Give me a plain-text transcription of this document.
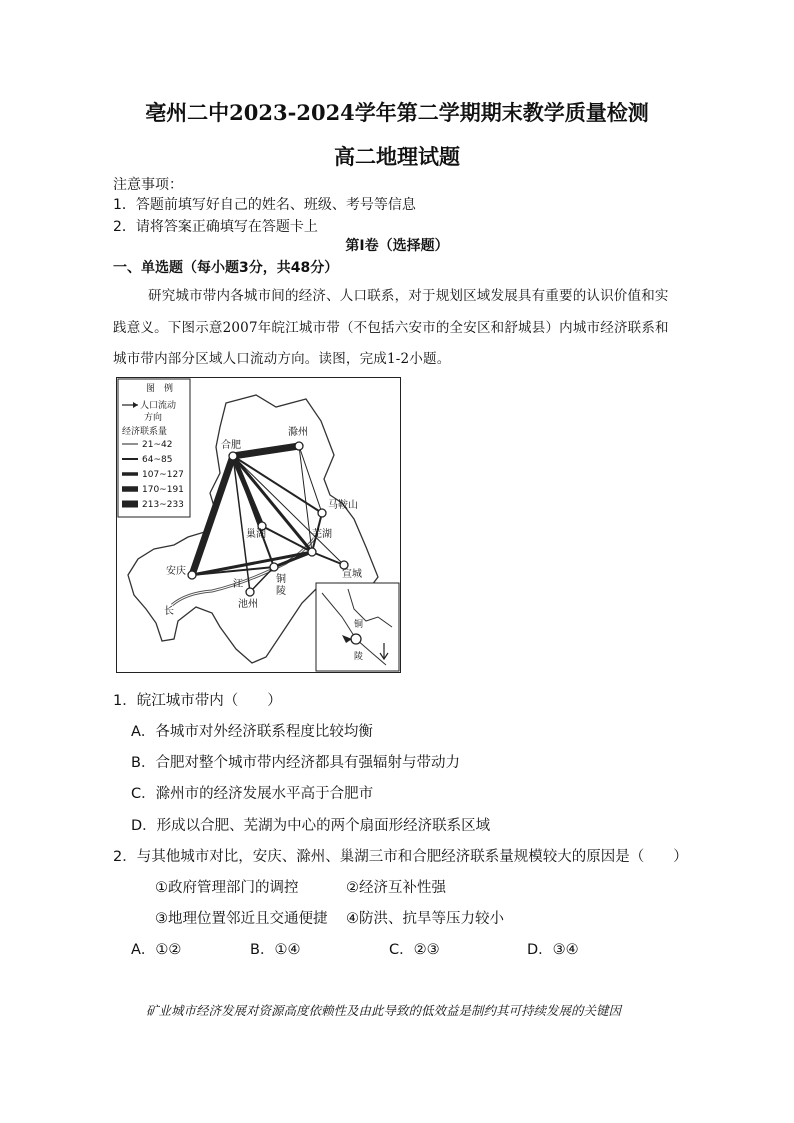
亳州二中2023-2024学年第二学期期末教学质量检测
高二地理试题
注意事项：
1．答题前填写好自己的姓名、班级、考号等信息
2．请将答案正确填写在答题卡上
第Ⅰ卷（选择题）
一、单选题（每小题3分，共48分）
研究城市带内各城市间的经济、人口联系，对于规划区域发展具有重要的认识价值和实
践意义。下图示意2007年皖江城市带（不包括六安市的全安区和舒城县）内城市经济联系和
城市带内部分区域人口流动方向。读图，完成1-2小题。
合肥
滁州
马鞍山
巢湖	芜湖
宣城
安庆
铜
陵
池州
江
长
图　例
人口流动
方向
经济联系量
21~42
64~85
107~127
170~191
213~233
铜
陵
1．皖江城市带内（　　）
A．各城市对外经济联系程度比较均衡
B．合肥对整个城市带内经济都具有强辐射与带动力
C．滁州市的经济发展水平高于合肥市
D．形成以合肥、芜湖为中心的两个扇面形经济联系区域
2．与其他城市对比，安庆、滁州、巢湖三市和合肥经济联系量规模较大的原因是（　　）
①政府管理部门的调控	②经济互补性强
③地理位置邻近且交通便捷 ④防洪、抗旱等压力较小
A．①②	B．①④	C．②③	D．③④
矿业城市经济发展对资源高度依赖性及由此导致的低效益是制约其可持续发展的关键因
